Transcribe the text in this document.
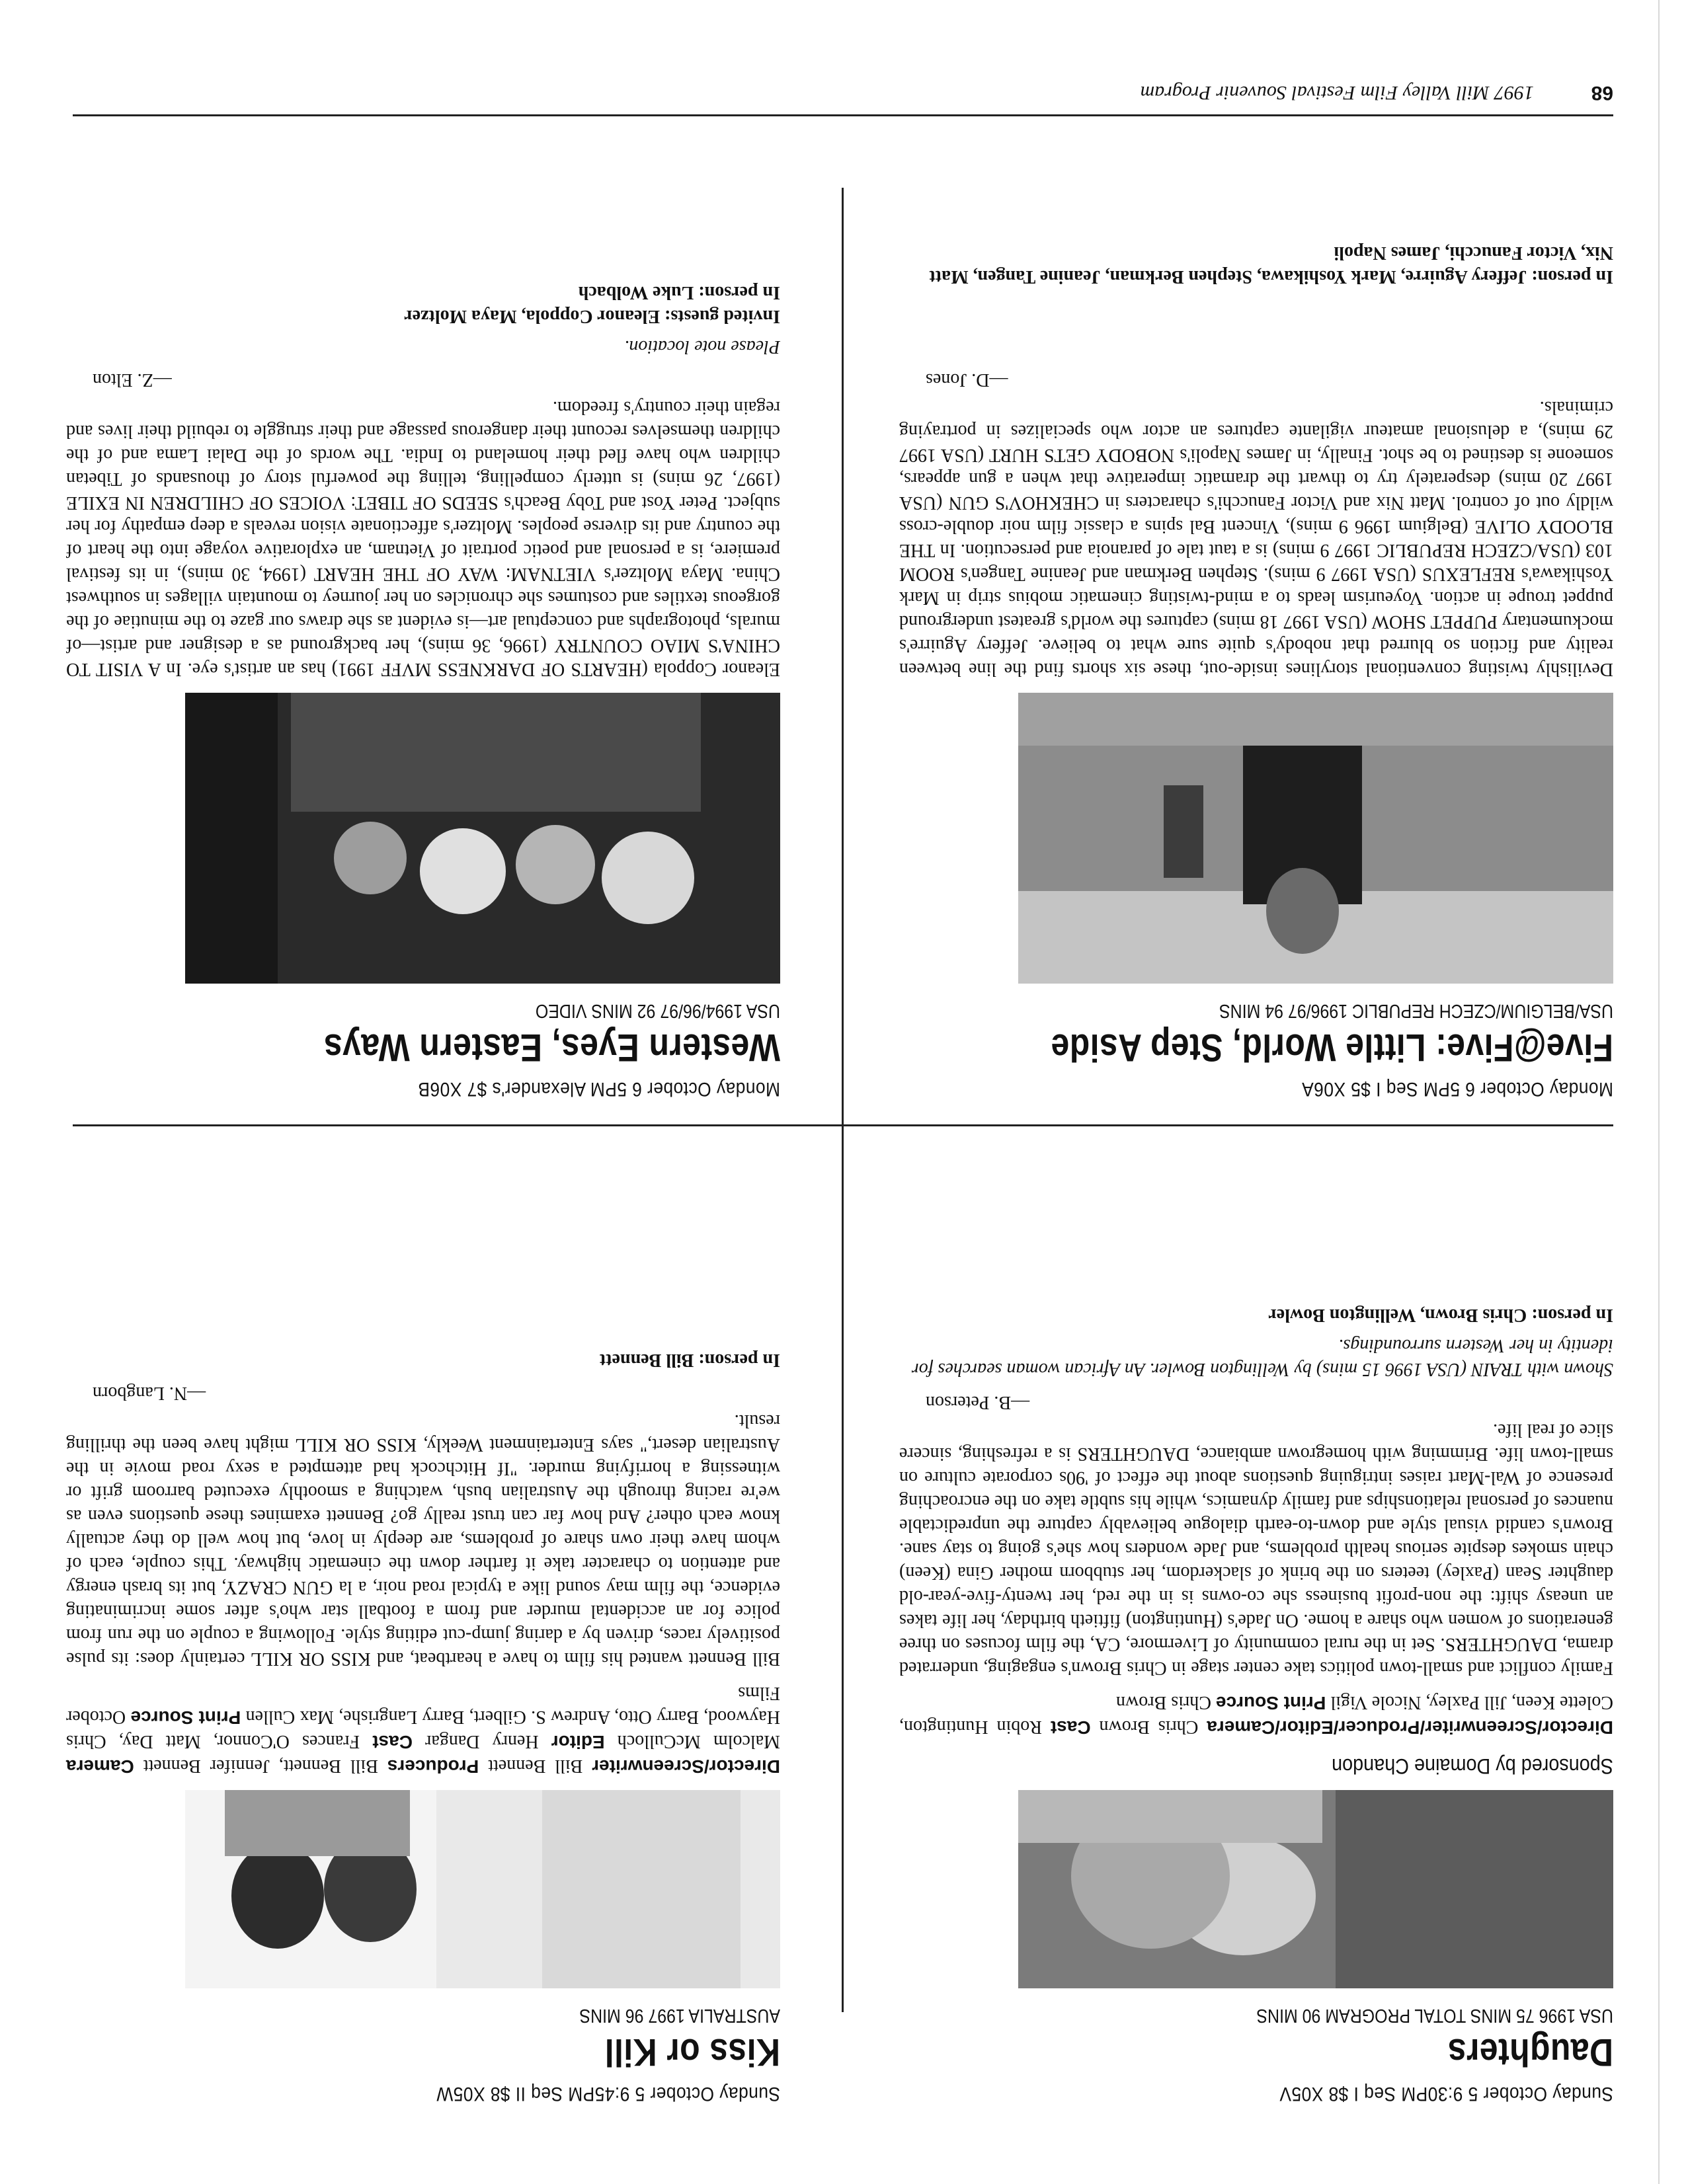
Sunday October 5 9:30PM Seq I $8 X05V
Daughters
USA 1996 75 MINS TOTAL PROGRAM 90 MINS
Sponsored by Domaine Chandon

Director/Screenwriter/Producer/Editor/Camera Chris Brown Cast Robin Huntington, Colette Keen, Jill Paxley, Nicole Vigil Print Source Chris Brown

Family conflict and small-town politics take center stage in Chris Brown's engaging, underrated drama, DAUGHTERS. Set in the rural community of Livermore, CA, the film focuses on three generations of women who share a home. On Jade's (Huntington) fiftieth birthday, her life takes an uneasy shift: the non-profit business she co-owns is in the red, her twenty-five-year-old daughter Sean (Paxley) teeters on the brink of slackerdom, her stubborn mother Gina (Keen) chain smokes despite serious health problems, and Jade wonders how she's going to stay sane. Brown's candid visual style and down-to-earth dialogue believably capture the unpredictable nuances of personal relationships and family dynamics, while his subtle take on the encroaching presence of Wal-Mart raises intriguing questions about the effect of '90s corporate culture on small-town life. Brimming with homegrown ambiance, DAUGHTERS is a refreshing, sincere slice of real life.

—B. Peterson

Shown with TRAIN (USA 1996 15 mins) by Wellington Bowler. An African woman searches for identity in her Western surroundings.

In person: Chris Brown, Wellington Bowler

Sunday October 5 9:45PM Seq II $8 X05W
Kiss or Kill
AUSTRALIA 1997 96 MINS

Director/Screenwriter Bill Bennett Producers Bill Bennett, Jennifer Bennett Camera Malcolm McCulloch Editor Henry Dangar Cast Frances O'Connor, Matt Day, Chris Haywood, Barry Otto, Andrew S. Gilbert, Barry Langrishe, Max Cullen Print Source October Films

Bill Bennett wanted his film to have a heartbeat, and KISS OR KILL certainly does: its pulse positively races, driven by a daring jump-cut editing style. Following a couple on the run from police for an accidental murder and from a football star who's after some incriminating evidence, the film may sound like a typical road noir, a la GUN CRAZY, but its brash energy and attention to character take it farther down the cinematic highway. This couple, each of whom have their own share of problems, are deeply in love, but how well do they actually know each other? And how far can trust really go? Bennett examines these questions even as we're racing through the Australian bush, watching a smoothly executed barroom grift or witnessing a horrifying murder. "If Hitchcock had attempted a sexy road movie in the Australian desert," says Entertainment Weekly, KISS OR KILL might have been the thrilling result.

—N. Langborn

In person: Bill Bennett

Monday October 6 5PM Seq I $5 X06A
Five@Five: Little World, Step Aside
USA/BELGIUM/CZECH REPUBLIC 1996/97 94 MINS

Devilishly twisting conventional storylines inside-out, these six shorts find the line between reality and fiction so blurred that nobody's quite sure what to believe. Jeffery Aguirre's mockumentary PUPPET SHOW (USA 1997 18 mins) captures the world's greatest underground puppet troupe in action. Voyeurism leads to a mind-twisting cinematic mobius strip in Mark Yoshikawa's REFLEXUS (USA 1997 9 mins). Stephen Berkman and Jeanine Tangen's ROOM 103 (USA/CZECH REPUBLIC 1997 9 mins) is a taut tale of paranoia and persecution. In THE BLOODY OLIVE (Belgium 1996 9 mins), Vincent Bal spins a classic film noir double-cross wildly out of control. Matt Nix and Victor Fanucchi's characters in CHEKHOV'S GUN (USA 1997 20 mins) desperately try to thwart the dramatic imperative that when a gun appears, someone is destined to be shot. Finally, in James Napoli's NOBODY GETS HURT (USA 1997 29 mins), a delusional amateur vigilante captures an actor who specializes in portraying criminals.

—D. Jones

In person: Jeffery Aguirre, Mark Yoshikawa, Stephen Berkman, Jeanine Tangen, Matt Nix, Victor Fanucchi, James Napoli

Monday October 6 5PM Alexander's $7 X06B
Western Eyes, Eastern Ways
USA 1994/96/97 92 MINS VIDEO

Eleanor Coppola (HEARTS OF DARKNESS MVFF 1991) has an artist's eye. In A VISIT TO CHINA'S MIAO COUNTRY (1996, 36 mins), her background as a designer and artist—of murals, photographs and conceptual art—is evident as she draws our gaze to the minutiae of the gorgeous textiles and costumes she chronicles on her journey to mountain villages in southwest China. Maya Moltzer's VIETNAM: WAY OF THE HEART (1994, 30 mins), in its festival premiere, is a personal and poetic portrait of Vietnam, an explorative voyage into the heart of the country and its diverse peoples. Moltzer's affectionate vision reveals a deep empathy for her subject. Peter Yost and Toby Beach's SEEDS OF TIBET: VOICES OF CHILDREN IN EXILE (1997, 26 mins) is utterly compelling, telling the powerful story of thousands of Tibetan children who have fled their homeland to India. The words of the Dalai Lama and of the children themselves recount their dangerous passage and their struggle to rebuild their lives and regain their country's freedom.

—Z. Elton

Please note location.

Invited guests: Eleanor Coppola, Maya Moltzer

In person: Luke Wolbach

68
1997 Mill Valley Film Festival Souvenir Program
